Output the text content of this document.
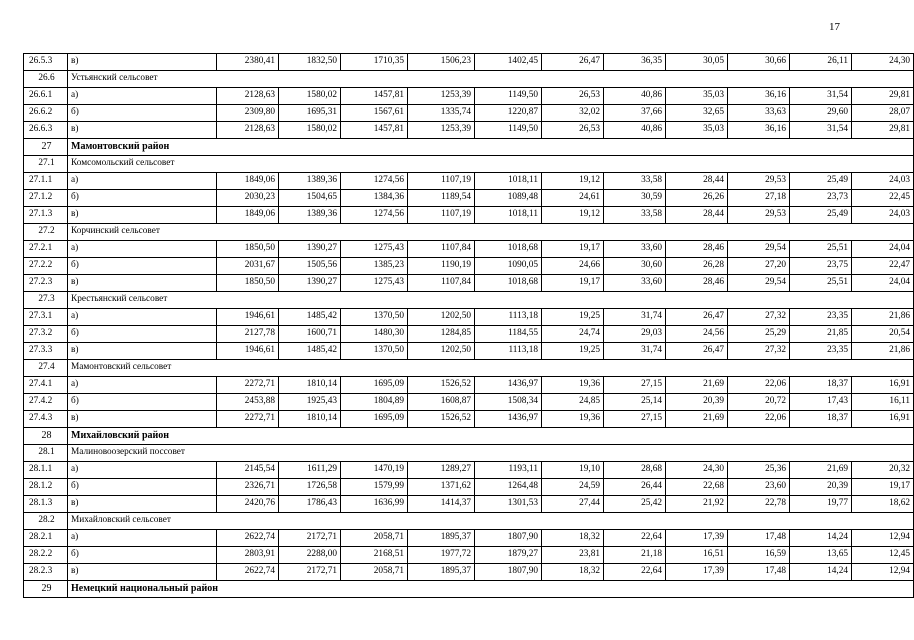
17
26.5.3	в)	2380,41	1832,50	1710,35	1506,23	1402,45	26,47	36,35	30,05	30,66	26,11	24,30
26.6	Устьянский сельсовет											
26.6.1	а)	2128,63	1580,02	1457,81	1253,39	1149,50	26,53	40,86	35,03	36,16	31,54	29,81
26.6.2	б)	2309,80	1695,31	1567,61	1335,74	1220,87	32,02	37,66	32,65	33,63	29,60	28,07
26.6.3	в)	2128,63	1580,02	1457,81	1253,39	1149,50	26,53	40,86	35,03	36,16	31,54	29,81
27	Мамонтовский район											
27.1	Комсомольский сельсовет											
27.1.1	а)	1849,06	1389,36	1274,56	1107,19	1018,11	19,12	33,58	28,44	29,53	25,49	24,03
27.1.2	б)	2030,23	1504,65	1384,36	1189,54	1089,48	24,61	30,59	26,26	27,18	23,73	22,45
27.1.3	в)	1849,06	1389,36	1274,56	1107,19	1018,11	19,12	33,58	28,44	29,53	25,49	24,03
27.2	Корчинский сельсовет											
27.2.1	а)	1850,50	1390,27	1275,43	1107,84	1018,68	19,17	33,60	28,46	29,54	25,51	24,04
27.2.2	б)	2031,67	1505,56	1385,23	1190,19	1090,05	24,66	30,60	26,28	27,20	23,75	22,47
27.2.3	в)	1850,50	1390,27	1275,43	1107,84	1018,68	19,17	33,60	28,46	29,54	25,51	24,04
27.3	Крестьянский сельсовет											
27.3.1	а)	1946,61	1485,42	1370,50	1202,50	1113,18	19,25	31,74	26,47	27,32	23,35	21,86
27.3.2	б)	2127,78	1600,71	1480,30	1284,85	1184,55	24,74	29,03	24,56	25,29	21,85	20,54
27.3.3	в)	1946,61	1485,42	1370,50	1202,50	1113,18	19,25	31,74	26,47	27,32	23,35	21,86
27.4	Мамонтовский сельсовет											
27.4.1	а)	2272,71	1810,14	1695,09	1526,52	1436,97	19,36	27,15	21,69	22,06	18,37	16,91
27.4.2	б)	2453,88	1925,43	1804,89	1608,87	1508,34	24,85	25,14	20,39	20,72	17,43	16,11
27.4.3	в)	2272,71	1810,14	1695,09	1526,52	1436,97	19,36	27,15	21,69	22,06	18,37	16,91
28	Михайловский район											
28.1	Малиновоозерский поссовет											
28.1.1	а)	2145,54	1611,29	1470,19	1289,27	1193,11	19,10	28,68	24,30	25,36	21,69	20,32
28.1.2	б)	2326,71	1726,58	1579,99	1371,62	1264,48	24,59	26,44	22,68	23,60	20,39	19,17
28.1.3	в)	2420,76	1786,43	1636,99	1414,37	1301,53	27,44	25,42	21,92	22,78	19,77	18,62
28.2	Михайловский сельсовет											
28.2.1	а)	2622,74	2172,71	2058,71	1895,37	1807,90	18,32	22,64	17,39	17,48	14,24	12,94
28.2.2	б)	2803,91	2288,00	2168,51	1977,72	1879,27	23,81	21,18	16,51	16,59	13,65	12,45
28.2.3	в)	2622,74	2172,71	2058,71	1895,37	1807,90	18,32	22,64	17,39	17,48	14,24	12,94
29	Немецкий национальный район											
